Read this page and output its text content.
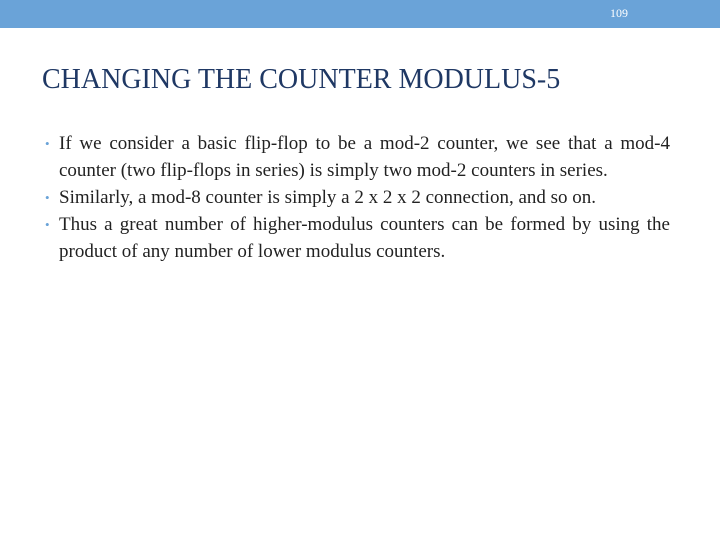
109
CHANGING THE COUNTER MODULUS-5
• If we consider a basic flip-flop to be a mod-2 counter, we see that a mod-4 counter (two flip-flops in series) is simply two mod-2 counters in series.
• Similarly, a mod-8 counter is simply a 2 x 2 x 2 connection, and so on.
• Thus a great number of higher-modulus counters can be formed by using the product of any number of lower modulus counters.
